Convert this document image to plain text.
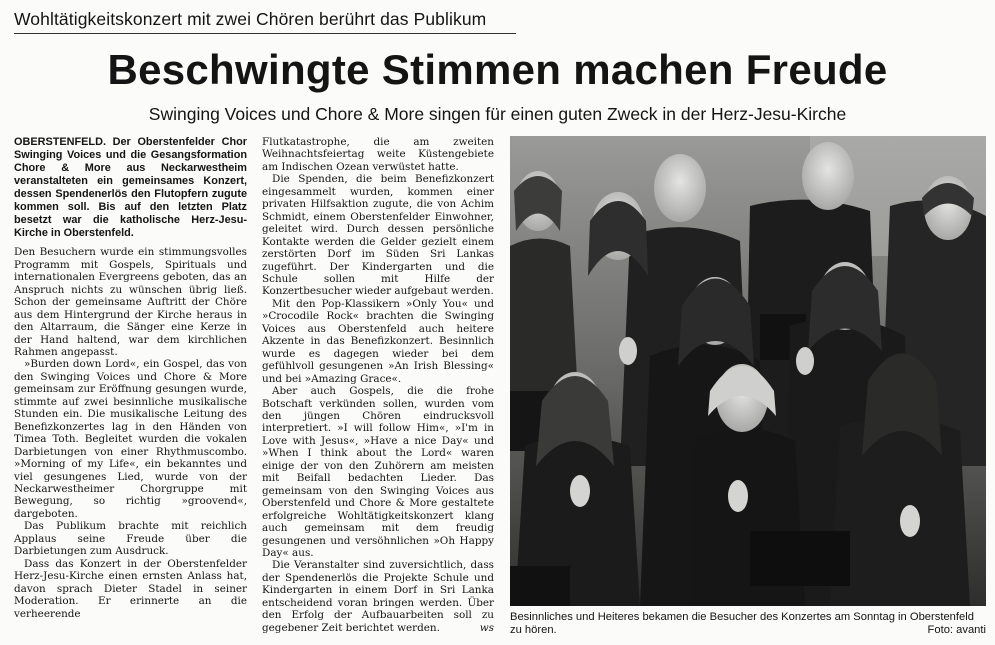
Wohltätigkeitskonzert mit zwei Chören berührt das Publikum
Beschwingte Stimmen machen Freude
Swinging Voices und Chore & More singen für einen guten Zweck in der Herz-Jesu-Kirche
OBERSTENFELD. Der Oberstenfelder Chor Swinging Voices und die Gesangsformation Chore & More aus Neckarwestheim veranstalteten ein gemeinsames Konzert, dessen Spendenerlös den Flutopfern zugute kommen soll. Bis auf den letzten Platz besetzt war die katholische Herz-Jesu-Kirche in Oberstenfeld.

Den Besuchern wurde ein stimmungsvolles Programm mit Gospels, Spirituals und internationalen Evergreens geboten, das an Anspruch nichts zu wünschen übrig ließ. Schon der gemeinsame Auftritt der Chöre aus dem Hintergrund der Kirche heraus in den Altarraum, die Sänger eine Kerze in der Hand haltend, war dem kirchlichen Rahmen angepasst.

»Burden down Lord«, ein Gospel, das von den Swinging Voices und Chore & More gemeinsam zur Eröffnung gesungen wurde, stimmte auf zwei besinnliche musikalische Stunden ein. Die musikalische Leitung des Benefizkonzertes lag in den Händen von Timea Toth. Begleitet wurden die vokalen Darbietungen von einer Rhythmuscombo. »Morning of my Life«, ein bekanntes und viel gesungenes Lied, wurde von der Neckarwestheimer Chorgruppe mit Bewegung, so richtig »groovend«, dargeboten.

Das Publikum brachte mit reichlich Applaus seine Freude über die Darbietungen zum Ausdruck.

Dass das Konzert in der Oberstenfelder Herz-Jesu-Kirche einen ernsten Anlass hat, davon sprach Dieter Stadel in seiner Moderation. Er erinnerte an die verheerende

Flutkatastrophe, die am zweiten Weihnachtsfeiertag weite Küstengebiete am Indischen Ozean verwüstet hatte.

Die Spenden, die beim Benefizkonzert eingesammelt wurden, kommen einer privaten Hilfsaktion zugute, die von Achim Schmidt, einem Oberstenfelder Einwohner, geleitet wird. Durch dessen persönliche Kontakte werden die Gelder gezielt einem zerstörten Dorf im Süden Sri Lankas zugeführt. Der Kindergarten und die Schule sollen mit Hilfe der Konzertbesucher wieder aufgebaut werden.

Mit den Pop-Klassikern »Only You« und »Crocodile Rock« brachten die Swinging Voices aus Oberstenfeld auch heitere Akzente in das Benefizkonzert. Besinnlich wurde es dagegen wieder bei dem gefühlvoll gesungenen »An Irish Blessing« und bei »Amazing Grace«.

Aber auch Gospels, die die frohe Botschaft verkünden sollen, wurden vom den jüngen Chören eindrucksvoll interpretiert. »I will follow Him«, »I'm in Love with Jesus«, »Have a nice Day« und »When I think about the Lord« waren einige der von den Zuhörern am meisten mit Beifall bedachten Lieder. Das gemeinsam von den Swinging Voices aus Oberstenfeld und Chore & More gestaltete erfolgreiche Wohltätigkeitskonzert klang auch gemeinsam mit dem freudig gesungenen und versöhnlichen »Oh Happy Day« aus.

Die Veranstalter sind zuversichtlich, dass der Spendenerlös die Projekte Schule und Kindergarten in einem Dorf in Sri Lanka entscheidend voran bringen werden. Über den Erfolg der Aufbauarbeiten soll zu gegebener Zeit berichtet werden.	ws

Besinnliches und Heiteres bekamen die Besucher des Konzertes am Sonntag in Oberstenfeld zu hören.	Foto: avanti
